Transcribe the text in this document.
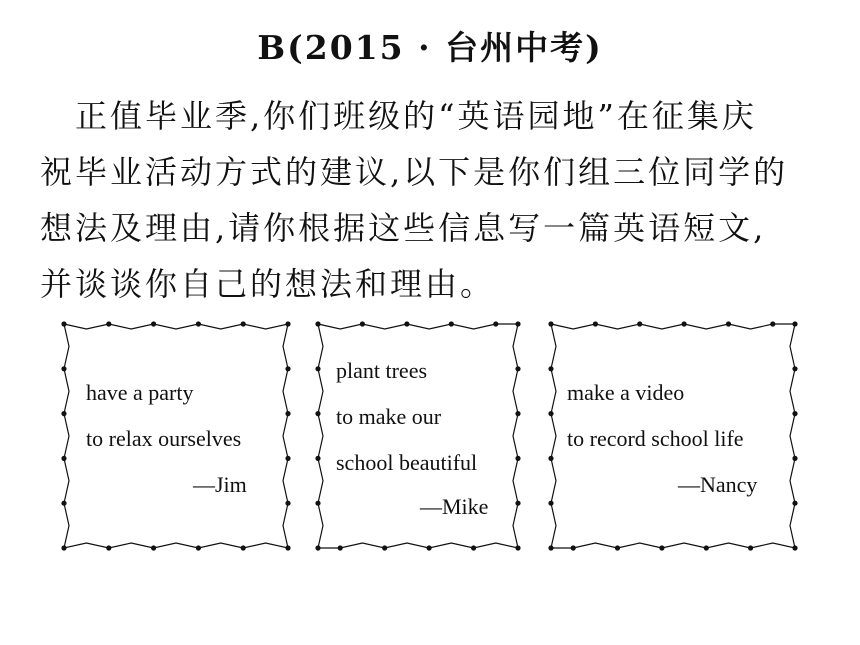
B(2015 · 台州中考)
　正值毕业季,你们班级的“英语园地”在征集庆
祝毕业活动方式的建议,以下是你们组三位同学的
想法及理由,请你根据这些信息写一篇英语短文,
并谈谈你自己的想法和理由。
have a party
to relax ourselves
—Jim
plant trees
to make our
school beautiful
—Mike
make a video
to record school life
—Nancy
